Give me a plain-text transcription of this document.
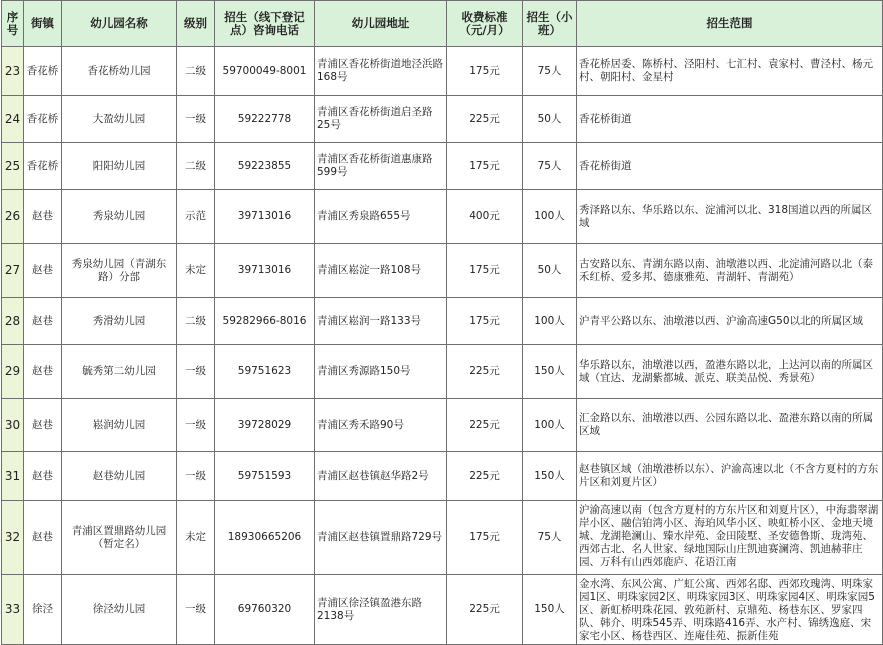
序号	街镇	幼儿园名称	级别	招生（线下登记点）咨询电话	幼儿园地址	收费标准（元/月）	招生（小班）	招生范围
23	香花桥	香花桥幼儿园	二级	59700049-8001	青浦区香花桥街道地泾浜路168号	175元	75人	香花桥居委、陈桥村、泾阳村、七汇村、袁家村、曹泾村、杨元村、朝阳村、金星村
24	香花桥	大盈幼儿园	一级	59222778	青浦区香花桥街道启圣路25号	225元	50人	香花桥街道
25	香花桥	阳阳幼儿园	二级	59223855	青浦区香花桥街道惠康路599号	175元	75人	香花桥街道
26	赵巷	秀泉幼儿园	示范	39713016	青浦区秀泉路655号	400元	100人	秀泽路以东、华乐路以东、淀浦河以北、318国道以西的所属区域
27	赵巷	秀泉幼儿园（青湖东路）分部	未定	39713016	青浦区崧淀一路108号	175元	50人	古安路以东、青湖东路以南、油墩港以西、北淀浦河路以北（泰禾红桥、爱多邦、德康雅苑、青湖轩、青湖苑）
28	赵巷	秀滑幼儿园	二级	59282966-8016	青浦区崧润一路133号	175元	100人	沪青平公路以东、油墩港以西、沪渝高速G50以北的所属区域
29	赵巷	毓秀第二幼儿园	一级	59751623	青浦区秀源路150号	225元	150人	华乐路以东，油墩港以西，盈港东路以北，上达河以南的所属区域（宜达、龙湖紫都城、派克、联美品悦、秀景苑）
30	赵巷	崧润幼儿园	一级	39728029	青浦区秀禾路90号	225元	100人	汇金路以东、油墩港以西、公园东路以北、盈港东路以南的所属区域
31	赵巷	赵巷幼儿园	一级	59751593	青浦区赵巷镇赵华路2号	225元	150人	赵巷镇区域（油墩港桥以东）、沪渝高速以北（不含方夏村的方东片区和刘夏片区）
32	赵巷	青浦区置鼎路幼儿园（暂定名）	未定	18930665206	青浦区赵巷镇置鼎路729号	175元	75人	沪渝高速以南（包含方夏村的方东片区和刘夏片区），中海翡翠湖岸小区、融信铂湾小区、海珀风华小区、映虹桥小区、金地天境城、龙湖艳澜山、臻水岸苑、金田陵墅、圣安德鲁斯、珑湾苑、西郊古北、名人世家、绿地国际山庄凯迪赛澜湾、凯迪赫菲庄园、万科有山西郊鹿庐、花语江南
33	徐泾	徐泾幼儿园	一级	69760320	青浦区徐泾镇盈港东路2138号	225元	150人	金水湾、东风公寓、广虹公寓、西郊名邸、西郊玫瑰湾、明珠家园1区、明珠家园2区、明珠家园3区、明珠家园4区、明珠家园5区、新虹桥明珠花园、敦苑新村、京鼎苑、杨巷东区、罗家四队、韩介、明珠545弄、明珠路416弄、水产村、锦绣逸庭、宋家宅小区、杨巷西区、连庵佳苑、振新佳苑
